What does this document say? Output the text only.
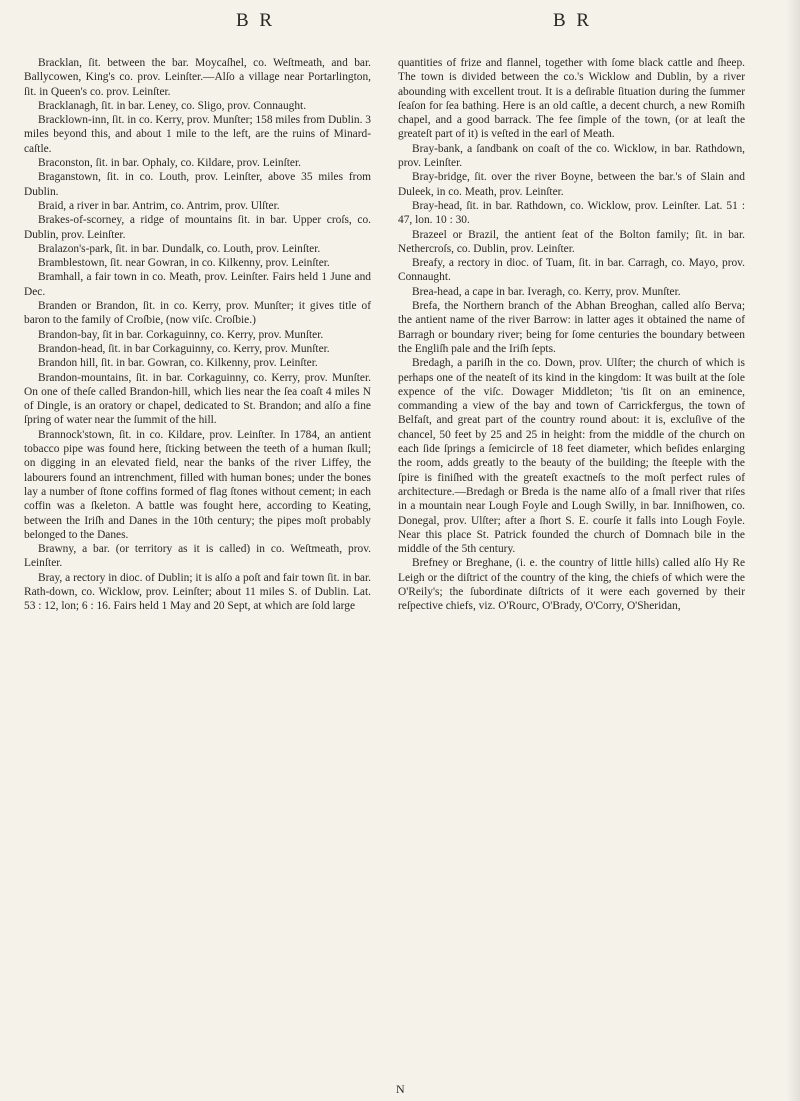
B R	B R

Bracklan, ſit. between the bar. Moycaſhel, co. Weſtmeath, and bar. Ballycowen, King's co. prov. Leinſter.—Alſo a village near Portarlington, ſit. in Queen's co. prov. Leinſter.

Bracklanagh, ſit. in bar. Leney, co. Sligo, prov. Connaught.

Bracklown-inn, ſit. in co. Kerry, prov. Munſter; 158 miles from Dublin. 3 miles beyond this, and about 1 mile to the left, are the ruins of Minard-caſtle.

Braconston, ſit. in bar. Ophaly, co. Kildare, prov. Leinſter.

Braganstown, ſit. in co. Louth, prov. Leinſter, above 35 miles from Dublin.

Braid, a river in bar. Antrim, co. Antrim, prov. Ulſter.

Brakes-of-scorney, a ridge of mountains ſit. in bar. Upper croſs, co. Dublin, prov. Leinſter.

Bralazon's-park, ſit. in bar. Dundalk, co. Louth, prov. Leinſter.

Bramblestown, ſit. near Gowran, in co. Kilkenny, prov. Leinſter.

Bramhall, a fair town in co. Meath, prov. Leinſter. Fairs held 1 June and Dec.

Branden or Brandon, ſit. in co. Kerry, prov. Munſter; it gives title of baron to the family of Croſbie, (now viſc. Croſbie.)

Brandon-bay, ſit in bar. Corkaguinny, co. Kerry, prov. Munſter.

Brandon-head, ſit. in bar Corkaguinny, co. Kerry, prov. Munſter.

Brandon hill, ſit. in bar. Gowran, co. Kilkenny, prov. Leinſter.

Brandon-mountains, ſit. in bar. Corkaguinny, co. Kerry, prov. Munſter. On one of theſe called Brandon-hill, which lies near the ſea coaſt 4 miles N of Dingle, is an oratory or chapel, dedicated to St. Brandon; and alſo a fine ſpring of water near the ſummit of the hill.

Brannock'stown, ſit. in co. Kildare, prov. Leinſter. In 1784, an antient tobacco pipe was found here, ſticking between the teeth of a human ſkull; on digging in an elevated field, near the banks of the river Liffey, the labourers found an intrenchment, filled with human bones; under the bones lay a number of ſtone coffins formed of flag ſtones without cement; in each coffin was a ſkeleton. A battle was fought here, according to Keating, between the Iriſh and Danes in the 10th century; the pipes moſt probably belonged to the Danes.

Brawny, a bar. (or territory as it is called) in co. Weſtmeath, prov. Leinſter.

Bray, a rectory in dioc. of Dublin; it is alſo a poſt and fair town ſit. in bar. Rath-down, co. Wicklow, prov. Leinſter; about 11 miles S. of Dublin. Lat. 53 : 12, lon; 6 : 16. Fairs held 1 May and 20 Sept, at which are ſold large

quantities of frize and flannel, together with ſome black cattle and ſheep. The town is divided between the co.'s Wicklow and Dublin, by a river abounding with excellent trout. It is a deſirable ſituation during the ſummer ſeaſon for ſea bathing. Here is an old caſtle, a decent church, a new Romiſh chapel, and a good barrack. The fee ſimple of the town, (or at leaſt the greateſt part of it) is veſted in the earl of Meath.

Bray-bank, a ſandbank on coaſt of the co. Wicklow, in bar. Rathdown, prov. Leinſter.

Bray-bridge, ſit. over the river Boyne, between the bar.'s of Slain and Duleek, in co. Meath, prov. Leinſter.

Bray-head, ſit. in bar. Rathdown, co. Wicklow, prov. Leinſter. Lat. 51 : 47, lon. 10 : 30.

Brazeel or Brazil, the antient ſeat of the Bolton family; ſit. in bar. Nethercroſs, co. Dublin, prov. Leinſter.

Breafy, a rectory in dioc. of Tuam, ſit. in bar. Carragh, co. Mayo, prov. Connaught.

Brea-head, a cape in bar. Iveragh, co. Kerry, prov. Munſter.

Brefa, the Northern branch of the Abhan Breoghan, called alſo Berva; the antient name of the river Barrow: in latter ages it obtained the name of Barragh or boundary river; being for ſome centuries the boundary between the Engliſh pale and the Iriſh ſepts.

Bredagh, a pariſh in the co. Down, prov. Ulſter; the church of which is perhaps one of the neateſt of its kind in the kingdom: It was built at the ſole expence of the viſc. Dowager Middleton; 'tis ſit on an eminence, commanding a view of the bay and town of Carrickfergus, the town of Belfaſt, and great part of the country round about: it is, excluſive of the chancel, 50 feet by 25 and 25 in height: from the middle of the church on each ſide ſprings a ſemicircle of 18 feet diameter, which beſides enlarging the room, adds greatly to the beauty of the building; the ſteeple with the ſpire is finiſhed with the greateſt exactneſs to the moſt perfect rules of architecture.—Bredagh or Breda is the name alſo of a ſmall river that riſes in a mountain near Lough Foyle and Lough Swilly, in bar. Inniſhowen, co. Donegal, prov. Ulſter; after a ſhort S. E. courſe it falls into Lough Foyle. Near this place St. Patrick founded the church of Domnach bile in the middle of the 5th century.

Brefney or Breghane, (i. e. the country of little hills) called alſo Hy Re Leigh or the diſtrict of the country of the king, the chiefs of which were the O'Reily's; the ſubordinate diſtricts of it were each governed by their reſpective chiefs, viz. O'Rourc, O'Brady, O'Corry, O'Sheridan,

N
